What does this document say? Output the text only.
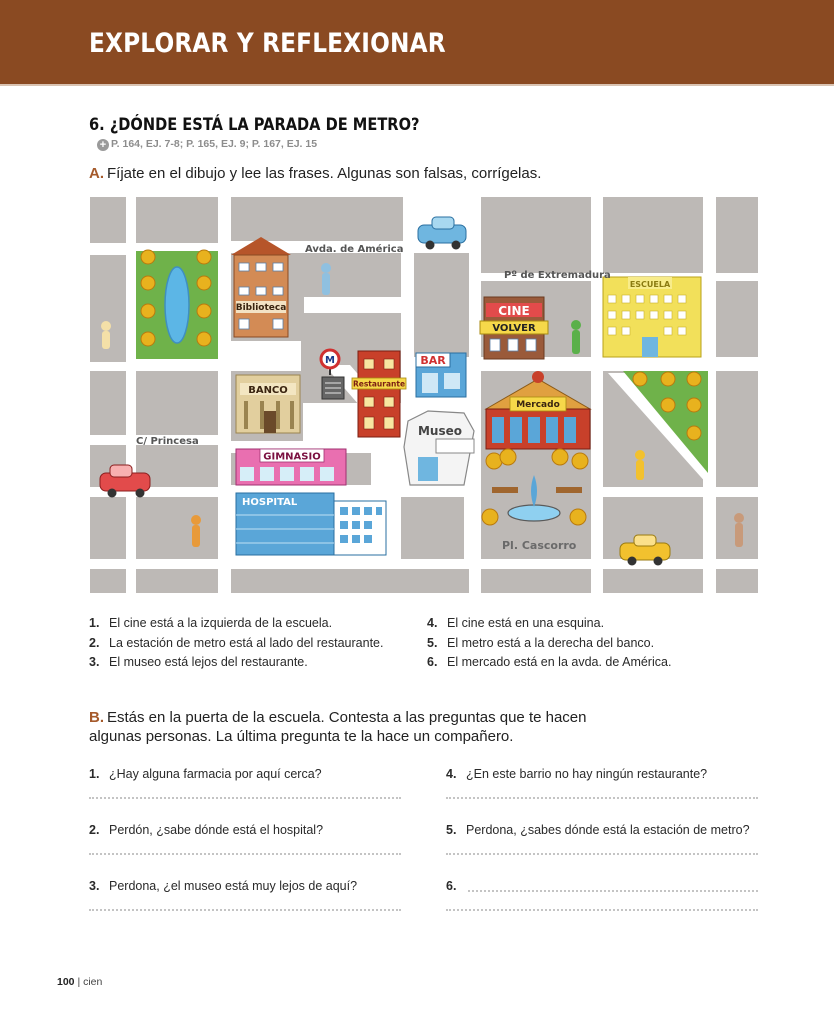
EXPLORAR Y REFLEXIONAR
6. ¿DÓNDE ESTÁ LA PARADA DE METRO?
+ P. 164, EJ. 7-8; P. 165, EJ. 9; P. 167, EJ. 15
A. Fíjate en el dibujo y lee las frases. Algunas son falsas, corrígelas.
Biblioteca	CINE
VOLVER
ESCUELA
BAR
M
Restaurante
BANCO
Museo
Mercado
GIMNASIO
HOSPITAL
Avda. de América
Pº de Extremadura
C/ Princesa
Pl. Cascorro
1. El cine está a la izquierda de la escuela.
2. La estación de metro está al lado del restaurante.
3. El museo está lejos del restaurante.
4. El cine está en una esquina.
5. El metro está a la derecha del banco.
6. El mercado está en la avda. de América.
B. Estás en la puerta de la escuela. Contesta a las preguntas que te hacen
algunas personas. La última pregunta te la hace un compañero.
1. ¿Hay alguna farmacia por aquí cerca?
2. Perdón, ¿sabe dónde está el hospital?
3. Perdona, ¿el museo está muy lejos de aquí?
4. ¿En este barrio no hay ningún restaurante?
5. Perdona, ¿sabes dónde está la estación de metro?
6.
100 | cien
